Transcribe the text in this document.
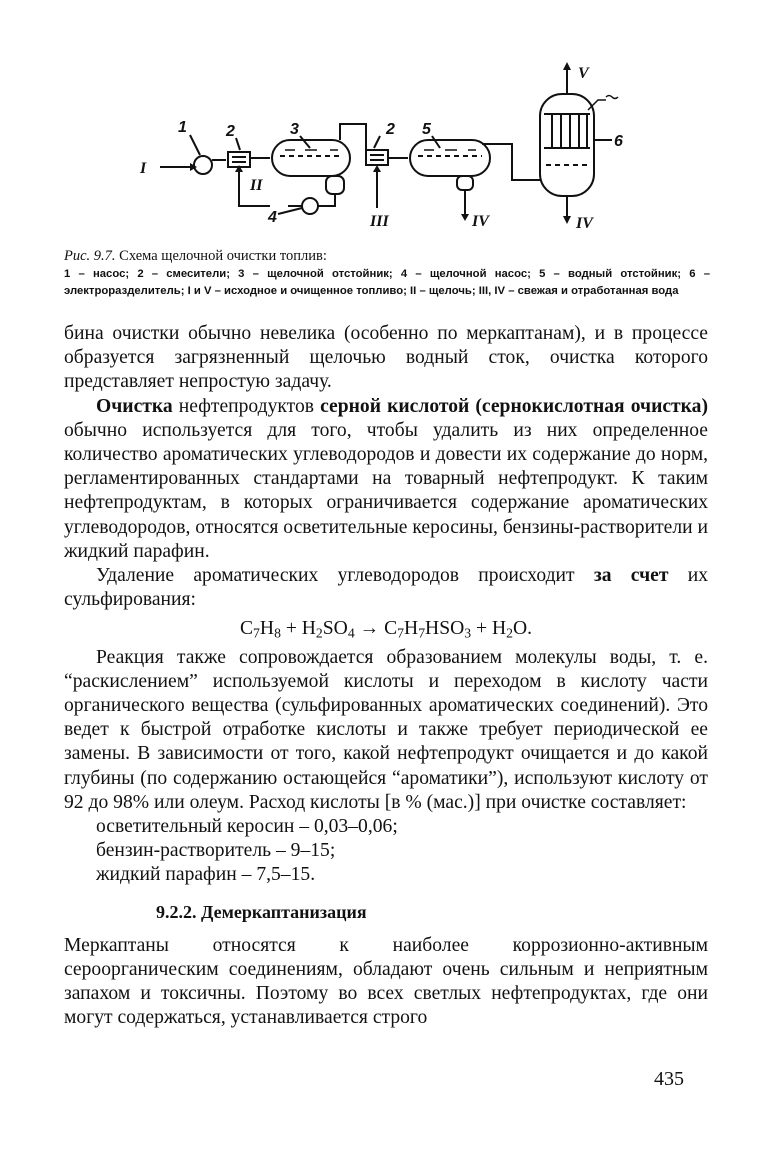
1 2	3	2 5
4
6
I
II
III	IV	IV
V
Рис. 9.7. Схема щелочной очистки топлив:
1 – насос; 2 – смесители; 3 – щелочной отстойник; 4 – щелочной насос; 5 – водный отстойник; 6 – электроразделитель; I и V – исходное и очищенное топливо; II – щелочь; III, IV – свежая и отработанная вода

бина очистки обычно невелика (особенно по меркаптанам), и в процессе образуется загрязненный щелочью водный сток, очистка которого представляет непростую задачу.

Очистка нефтепродуктов серной кислотой (сернокислотная очистка) обычно используется для того, чтобы удалить из них определенное количество ароматических углеводородов и довести их содержание до норм, регламентированных стандартами на товарный нефтепродукт. К таким нефтепродуктам, в которых ограничивается содержание ароматических углеводородов, относятся осветительные керосины, бензины-растворители и жидкий парафин.

Удаление ароматических углеводородов происходит за счет их сульфирования:

$C_7H_8 + H_2SO_4 \to C_7H_7HSO_3 + H_2O$.

Реакция также сопровождается образованием молекулы воды, т. е. “раскислением” используемой кислоты и переходом в кислоту части органического вещества (сульфированных ароматических соединений). Это ведет к быстрой отработке кислоты и также требует периодической ее замены. В зависимости от того, какой нефтепродукт очищается и до какой глубины (по содержанию остающейся “ароматики”), используют кислоту от 92 до 98% или олеум. Расход кислоты [в % (мас.)] при очистке составляет:

осветительный керосин – 0,03–0,06;
бензин-растворитель – 9–15;
жидкий парафин – 7,5–15.
9.2.2. Демеркаптанизация

Меркаптаны относятся к наиболее коррозионно-активным сероорганическим соединениям, обладают очень сильным и неприятным запахом и токсичны. Поэтому во всех светлых нефтепродуктах, где они могут содержаться, устанавливается строго

435
